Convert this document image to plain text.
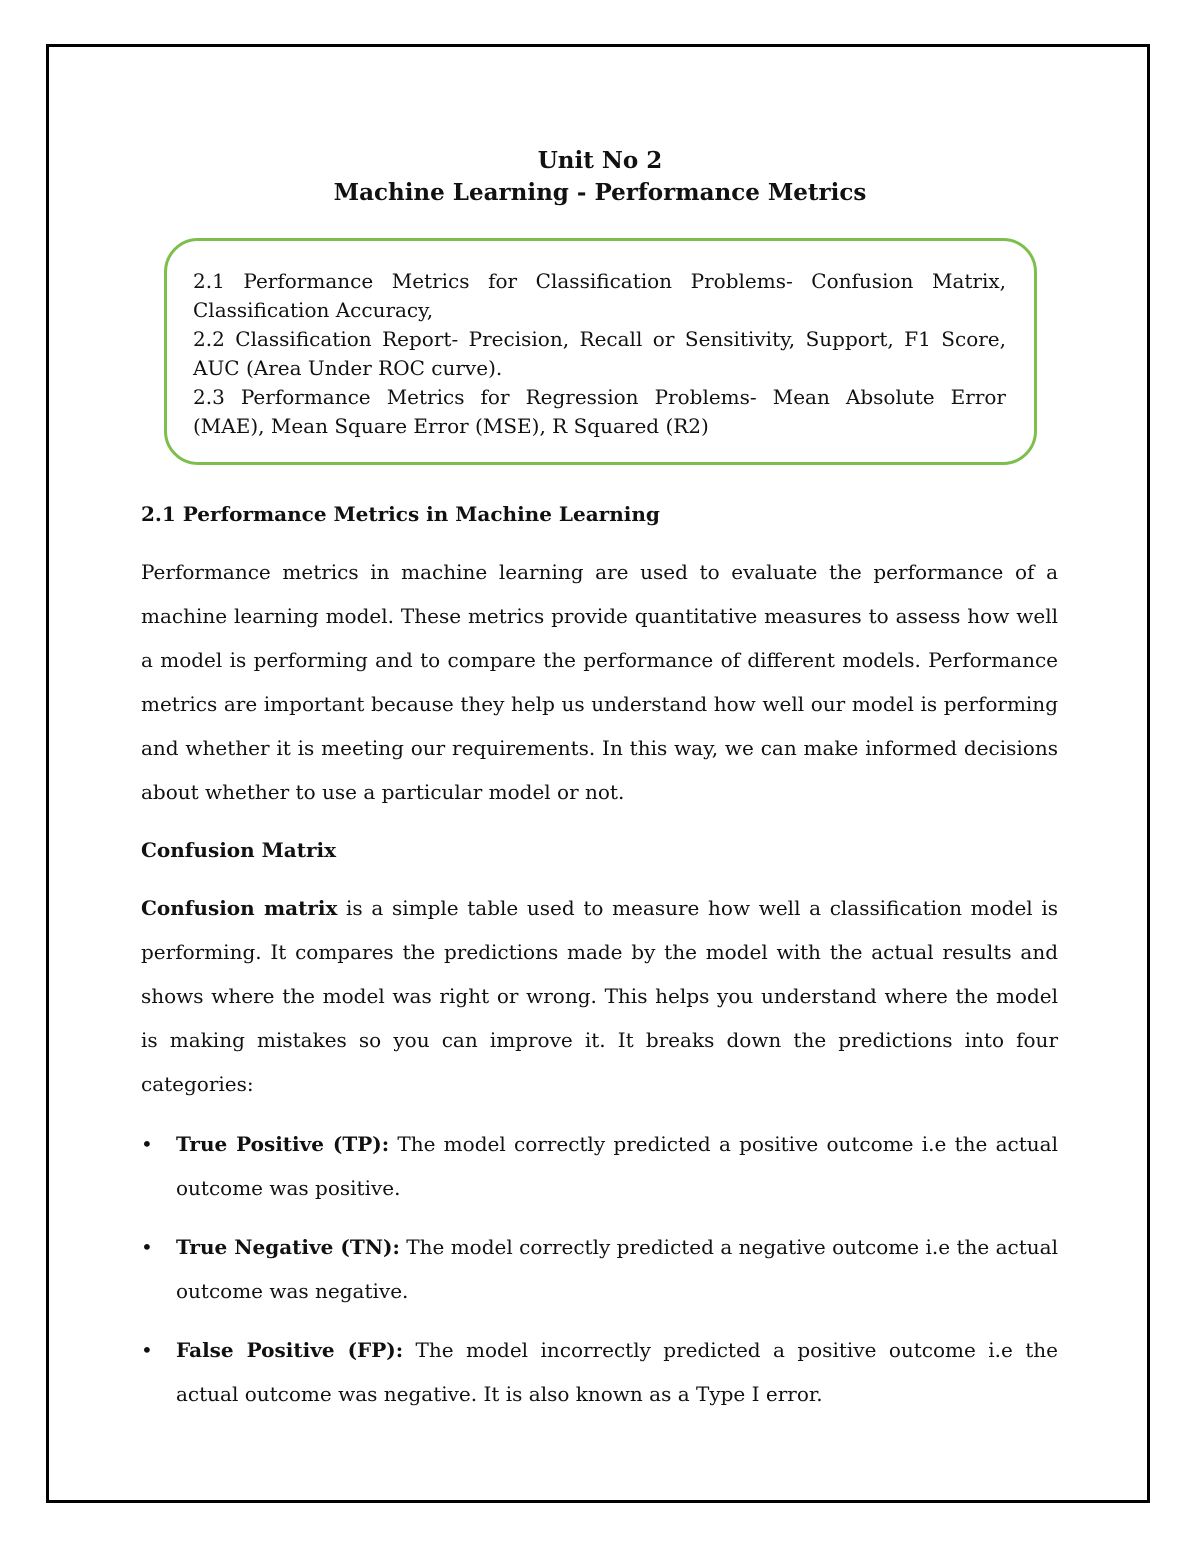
Unit No 2
Machine Learning - Performance Metrics
2.1 Performance Metrics for Classification Problems- Confusion Matrix, Classification Accuracy,
2.2 Classification Report- Precision, Recall or Sensitivity, Support, F1 Score, AUC (Area Under ROC curve).
2.3 Performance Metrics for Regression Problems- Mean Absolute Error (MAE), Mean Square Error (MSE), R Squared (R2)
2.1 Performance Metrics in Machine Learning

Performance metrics in machine learning are used to evaluate the performance of a machine learning model. These metrics provide quantitative measures to assess how well a model is performing and to compare the performance of different models. Performance metrics are important because they help us understand how well our model is performing and whether it is meeting our requirements. In this way, we can make informed decisions about whether to use a particular model or not.

Confusion Matrix

Confusion matrix is a simple table used to measure how well a classification model is performing. It compares the predictions made by the model with the actual results and shows where the model was right or wrong. This helps you understand where the model is making mistakes so you can improve it. It breaks down the predictions into four categories:

•	True Positive (TP): The model correctly predicted a positive outcome i.e the actual outcome was positive.
•	True Negative (TN): The model correctly predicted a negative outcome i.e the actual outcome was negative.
•	False Positive (FP): The model incorrectly predicted a positive outcome i.e the actual outcome was negative. It is also known as a Type I error.
